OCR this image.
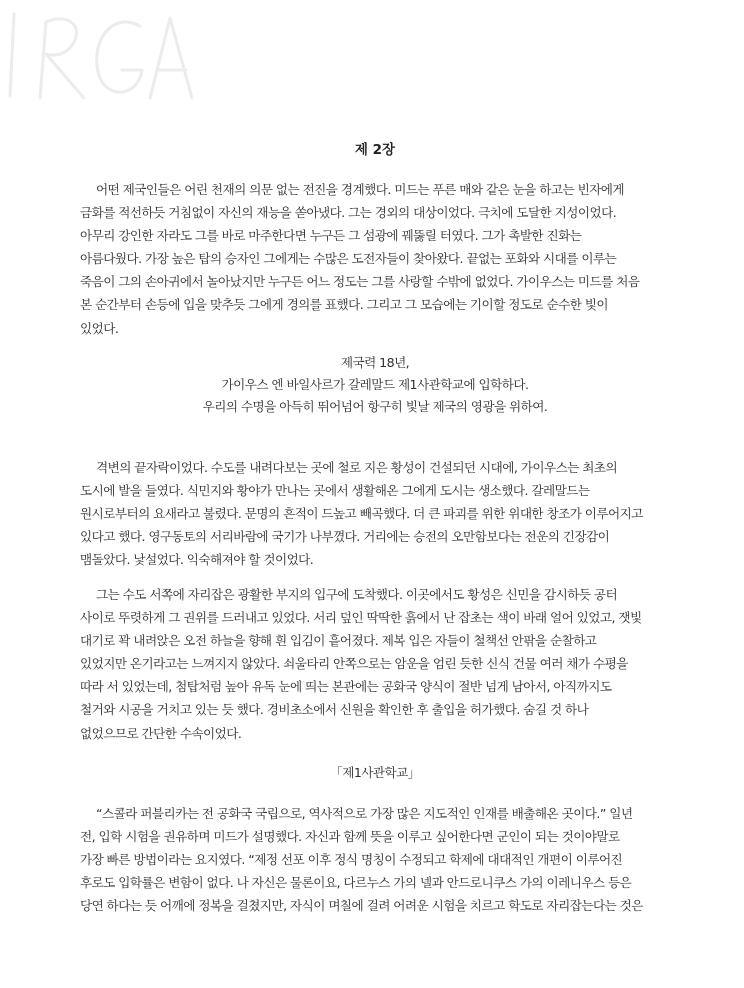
제 2장

어떤 제국인들은 어린 천재의 의문 없는 전진을 경계했다. 미드는 푸른 매와 같은 눈을 하고는 빈자에게
금화를 적선하듯 거침없이 자신의 재능을 쏟아냈다. 그는 경외의 대상이었다. 극치에 도달한 지성이었다.
아무리 강인한 자라도 그를 바로 마주한다면 누구든 그 섬광에 꿰뚫릴 터였다. 그가 촉발한 진화는
아름다웠다. 가장 높은 탑의 승자인 그에게는 수많은 도전자들이 찾아왔다. 끝없는 포화와 시대를 이루는
죽음이 그의 손아귀에서 놀아났지만 누구든 어느 정도는 그를 사랑할 수밖에 없었다. 가이우스는 미드를 처음
본 순간부터 손등에 입을 맞추듯 그에게 경의를 표했다. 그리고 그 모습에는 기이할 정도로 순수한 빛이
있었다.

제국력 18년,
가이우스 엔 바일사르가 갈레말드 제1사관학교에 입학하다.
우리의 수명을 아득히 뛰어넘어 항구히 빛날 제국의 영광을 위하여.

격변의 끝자락이었다. 수도를 내려다보는 곳에 철로 지은 황성이 건설되던 시대에, 가이우스는 최초의
도시에 발을 들였다. 식민지와 황야가 만나는 곳에서 생활해온 그에게 도시는 생소했다. 갈레말드는
원시로부터의 요새라고 불렸다. 문명의 흔적이 드높고 빼곡했다. 더 큰 파괴를 위한 위대한 창조가 이루어지고
있다고 했다. 영구동토의 서리바람에 국기가 나부꼈다. 거리에는 승전의 오만함보다는 전운의 긴장감이
맴돌았다. 낯설었다. 익숙해져야 할 것이었다.

그는 수도 서쪽에 자리잡은 광활한 부지의 입구에 도착했다. 이곳에서도 황성은 신민을 감시하듯 공터
사이로 뚜렷하게 그 권위를 드러내고 있었다. 서리 덮인 딱딱한 흙에서 난 잡초는 색이 바래 얼어 있었고, 잿빛
대기로 꽉 내려앉은 오전 하늘을 향해 흰 입김이 흩어졌다. 제복 입은 자들이 철책선 안팎을 순찰하고
있었지만 온기라고는 느껴지지 않았다. 쇠울타리 안쪽으로는 암운을 엄린 듯한 신식 건물 여러 채가 수평을
따라 서 있었는데, 첨탑처럼 높아 유독 눈에 띄는 본관에는 공화국 양식이 절반 넘게 남아서, 아직까지도
철거와 시공을 거치고 있는 듯 했다. 경비초소에서 신원을 확인한 후 출입을 허가했다. 숨길 것 하나
없었으므로 간단한 수속이었다.

「제1사관학교」

“스콜라 퍼블리카는 전 공화국 국립으로, 역사적으로 가장 많은 지도적인 인재를 배출해온 곳이다.” 일년
전, 입학 시험을 권유하며 미드가 설명했다. 자신과 함께 뜻을 이루고 싶어한다면 군인이 되는 것이야말로
가장 빠른 방법이라는 요지였다. “제정 선포 이후 정식 명칭이 수정되고 학제에 대대적인 개편이 이루어진
후로도 입학률은 변함이 없다. 나 자신은 물론이요, 다르누스 가의 넬과 안드로니쿠스 가의 이레니우스 등은
당연 하다는 듯 어깨에 정복을 걸쳤지만, 자식이 며칠에 걸려 어려운 시험을 치르고 학도로 자리잡는다는 것은
